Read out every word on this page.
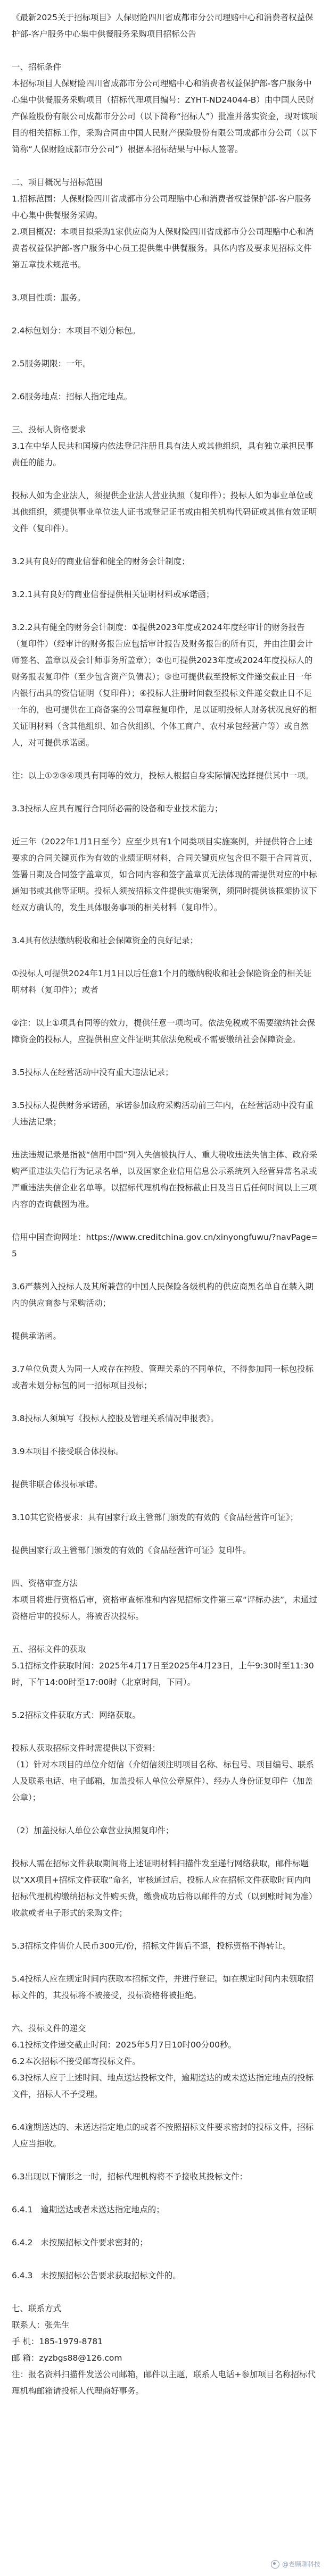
《最新2025关于招标项目》人保财险四川省成都市分公司理赔中心和消费者权益保护部-客户服务中心集中供餐服务采购项目招标公告

一、招标条件
本招标项目人保财险四川省成都市分公司理赔中心和消费者权益保护部-客户服务中心集中供餐服务采购项目（招标代理项目编号：ZYHT-ND24044-B）由中国人民财产保险股份有限公司成都市分公司（以下简称“招标人”）批准并落实资金，现对该项目的相关招标工作，采购合同由中国人民财产保险股份有限公司成都市分公司（以下简称“人保财险成都市分公司”）根据本招标结果与中标人签署。

二、项目概况与招标范围
1.招标范围：人保财险四川省成都市分公司理赔中心和消费者权益保护部-客户服务中心集中供餐服务采购。

2.项目概况：本项目拟采购1家供应商为人保财险四川省成都市分公司理赔中心和消费者权益保护部-客户服务中心员工提供集中供餐服务。具体内容及要求见招标文件第五章技术规范书。

3.项目性质：服务。

2.4标包划分：本项目不划分标包。

2.5服务期限：一年。

2.6服务地点：招标人指定地点。

三、投标人资格要求
3.1在中华人民共和国境内依法登记注册且具有法人或其他组织，具有独立承担民事责任的能力。

投标人如为企业法人，须提供企业法人营业执照（复印件）；投标人如为事业单位或其他组织，须提供事业单位法人证书或登记证书或由相关机构代码证或其他有效证明文件（复印件）。

3.2具有良好的商业信誉和健全的财务会计制度；

3.2.1具有良好的商业信誉提供相关证明材料或承诺函；

3.2.2具有健全的财务会计制度：①提供2023年度或2024年度经审计的财务报告（复印件）（经审计的财务报告应包括审计报告及财务报告的所有页，并由注册会计师签名、盖章以及会计师事务所盖章）；②也可提供2023年度或2024年度投标人的财务报表复印件（至少包含资产负债表）；③也可提供截至投标文件递交截止日一年内银行出具的资信证明（复印件）；④投标人注册时间截至投标文件递交截止日不足一年的，也可提供在工商备案的公司章程复印件，足以证明投标人财务状况良好的相关证明材料（含其他组织、如合伙组织、个体工商户、农村承包经营户等）或自然人，对可提供承诺函。

注：以上①②③④项具有同等的效力，投标人根据自身实际情况选择提供其中一项。

3.3投标人应具有履行合同所必需的设备和专业技术能力；

近三年（2022年1月1日至今）应至少具有1个同类项目实施案例，并提供符合上述要求的合同关键页作为有效的业绩证明材料，合同关键页应包含但不限于合同首页、签署日期及合同签字盖章页，如合同内容和签字盖章页无法体现的需提供对应的中标通知书或其他等证明。投标人须按招标文件提供实施案例，须同时提供该框架协议下经双方确认的，发生具体服务事项的相关材料（复印件）。

3.4具有依法缴纳税收和社会保障资金的良好记录；

①投标人可提供2024年1月1日以后任意1个月的缴纳税收和社会保险资金的相关证明材料（复印件）；或者

②注：以上①项具有同等的效力，提供任意一项均可。依法免税或不需要缴纳社会保障资金的投标人，应提供相应文件证明其依法免税或不需要缴纳社会保障资金。

3.5投标人在经营活动中没有重大违法记录；

3.5投标人提供财务承诺函，承诺参加政府采购活动前三年内，在经营活动中没有重大违法记录；

违法违规记录是指被“信用中国”列入失信被执行人、重大税收违法失信主体、政府采购严重违法失信行为记录名单，以及国家企业信用信息公示系统列入经营异常名录或严重违法失信企业名单等。以招标代理机构在投标截止日及当日后任何时间以上三项内容的查询截图为准。

信用中国查询网址：https://www.creditchina.gov.cn/xinyongfuwu/?navPage=5

3.6严禁列入投标人及其所兼营的中国人民保险各级机构的供应商黑名单自在禁入期内的供应商参与采购活动；

提供承诺函。

3.7单位负责人为同一人或存在控股、管理关系的不同单位，不得参加同一标包投标或者未划分标包的同一招标项目投标；

3.8投标人须填写《投标人控股及管理关系情况申报表》。

3.9本项目不接受联合体投标。

提供非联合体投标承诺。

3.10其它资格要求：具有国家行政主管部门颁发的有效的《食品经营许可证》；

提供国家行政主管部门颁发的有效的《食品经营许可证》复印件。

四、资格审查方法
本项目将进行资格后审，资格审查标准和内容见招标文件第三章“评标办法”，未通过资格后审的投标人，将被否决投标。

五、招标文件的获取
5.1招标文件获取时间：2025年4月17日至2025年4月23日，上午9:30时至11:30时，下午14:00时至17:00时（北京时间，下同）。

5.2招标文件获取方式：网络获取。

投标人获取招标文件时需提供以下资料：

（1）针对本项目的单位介绍信（介绍信须注明项目名称、标包号、项目编号、联系人及联系电话、电子邮箱，加盖投标人单位公章原件）、经办人身份证复印件（加盖公章）；

（2）加盖投标人单位公章营业执照复印件；

投标人需在招标文件获取期间将上述证明材料扫描件发至递行网络获取，邮件标题以“XX项目+招标文件获取”命名，审核通过后，投标人应在招标文件获取时间内向招标代理机构缴纳招标文件购买费，缴费成功后将以邮件的方式（以到账时间为准）收款或者电子形式的采购文件；

5.3招标文件售价人民币300元/份，招标文件售后不退，投标资格不得转让。

5.4投标人应在规定时间内获取本招标文件，并进行登记。如在规定时间内未领取招标文件的，其投标将不被接受，投标资格将被拒绝。

六、投标文件的递交
6.1投标文件递交截止时间：2025年5月7日10时00分00秒。

6.2本次招标不接受邮寄投标文件。

6.3投标人应于上述时间、地点送达投标文件，逾期送达的或未送达指定地点的投标文件，招标人不予受理。

6.4逾期送达的、未送达指定地点的或者不按照招标文件要求密封的投标文件，招标人应当拒收。

6.3出现以下情形之一时，招标代理机构将不予接收其投标文件：

6.4.1   逾期送达或者未送达指定地点的；

6.4.2   未按照招标文件要求密封的；

6.4.3   未按照招标公告要求获取招标文件的。

七、联系方式
联系人：张先生
手 机：185-1979-8781
邮 箱：zyzbgs88@126.com
注：报名资料扫描件发送公司邮箱，邮件以主题，联系人电话+参加项目名称招标代理机构邮箱请投标人代理商好事务。

@老顾聊科技
